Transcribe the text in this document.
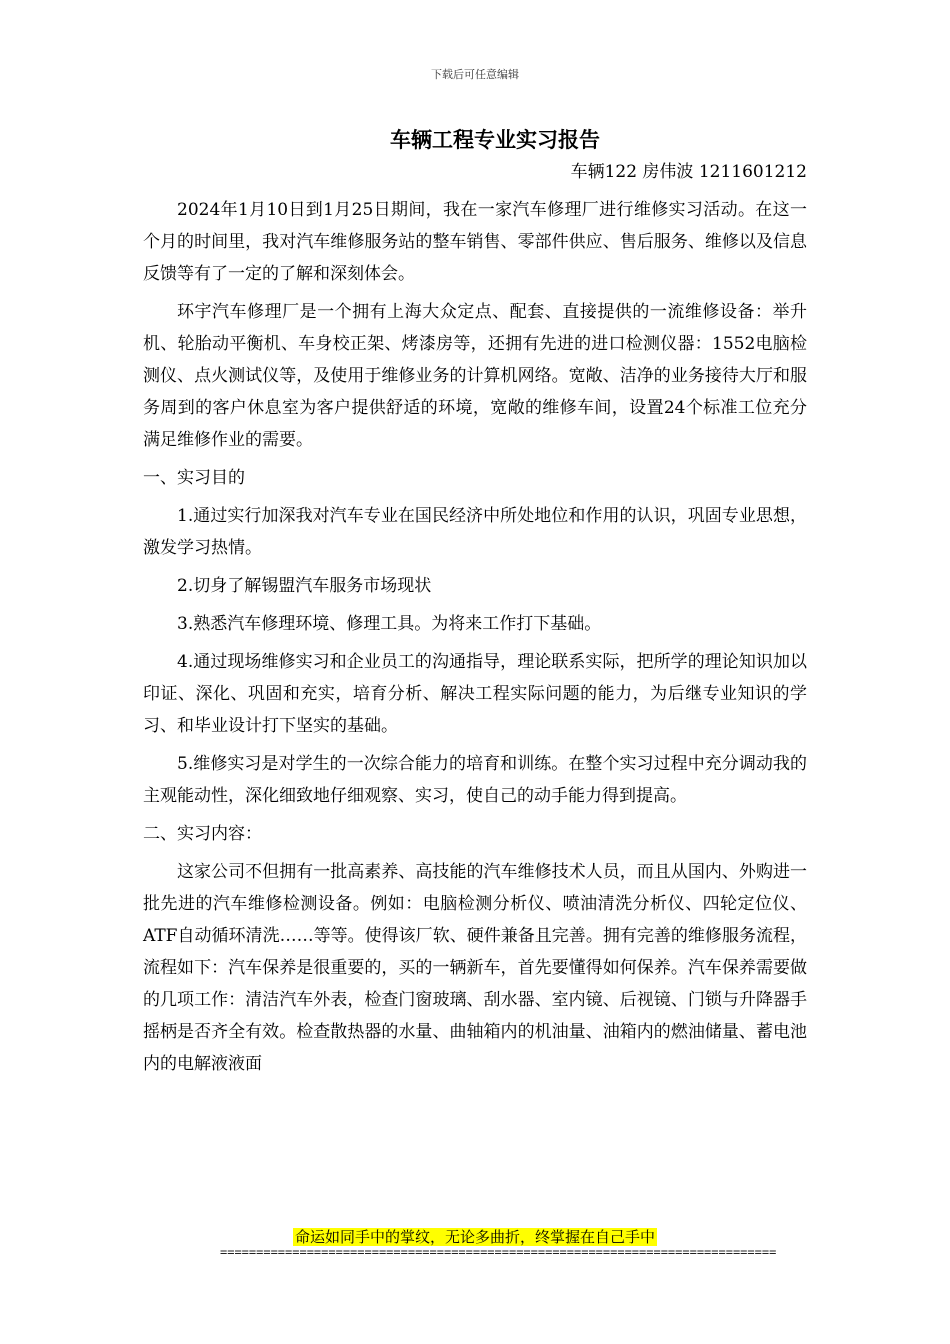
下载后可任意编辑
车辆工程专业实习报告
车辆122 房伟波 1211601212

2024年1月10日到1月25日期间，我在一家汽车修理厂进行维修实习活动。在这一个月的时间里，我对汽车维修服务站的整车销售、零部件供应、售后服务、维修以及信息反馈等有了一定的了解和深刻体会。

环宇汽车修理厂是一个拥有上海大众定点、配套、直接提供的一流维修设备：举升机、轮胎动平衡机、车身校正架、烤漆房等，还拥有先进的进口检测仪器：1552电脑检测仪、点火测试仪等，及使用于维修业务的计算机网络。宽敞、洁净的业务接待大厅和服务周到的客户休息室为客户提供舒适的环境，宽敞的维修车间，设置24个标准工位充分满足维修作业的需要。

一、实习目的

1.通过实行加深我对汽车专业在国民经济中所处地位和作用的认识，巩固专业思想，激发学习热情。

2.切身了解锡盟汽车服务市场现状

3.熟悉汽车修理环境、修理工具。为将来工作打下基础。

4.通过现场维修实习和企业员工的沟通指导，理论联系实际，把所学的理论知识加以印证、深化、巩固和充实，培育分析、解决工程实际问题的能力，为后继专业知识的学习、和毕业设计打下坚实的基础。

5.维修实习是对学生的一次综合能力的培育和训练。在整个实习过程中充分调动我的主观能动性，深化细致地仔细观察、实习，使自己的动手能力得到提高。

二、实习内容：

这家公司不但拥有一批高素养、高技能的汽车维修技术人员，而且从国内、外购进一批先进的汽车维修检测设备。例如：电脑检测分析仪、喷油清洗分析仪、四轮定位仪、ATF自动循环清洗……等等。使得该厂软、硬件兼备且完善。拥有完善的维修服务流程，流程如下：汽车保养是很重要的，买的一辆新车，首先要懂得如何保养。汽车保养需要做的几项工作：清洁汽车外表，检查门窗玻璃、刮水器、室内镜、后视镜、门锁与升降器手摇柄是否齐全有效。检查散热器的水量、曲轴箱内的机油量、油箱内的燃油储量、蓄电池内的电解液液面

命运如同手中的掌纹，无论多曲折，终掌握在自己手中
=============================================================================
